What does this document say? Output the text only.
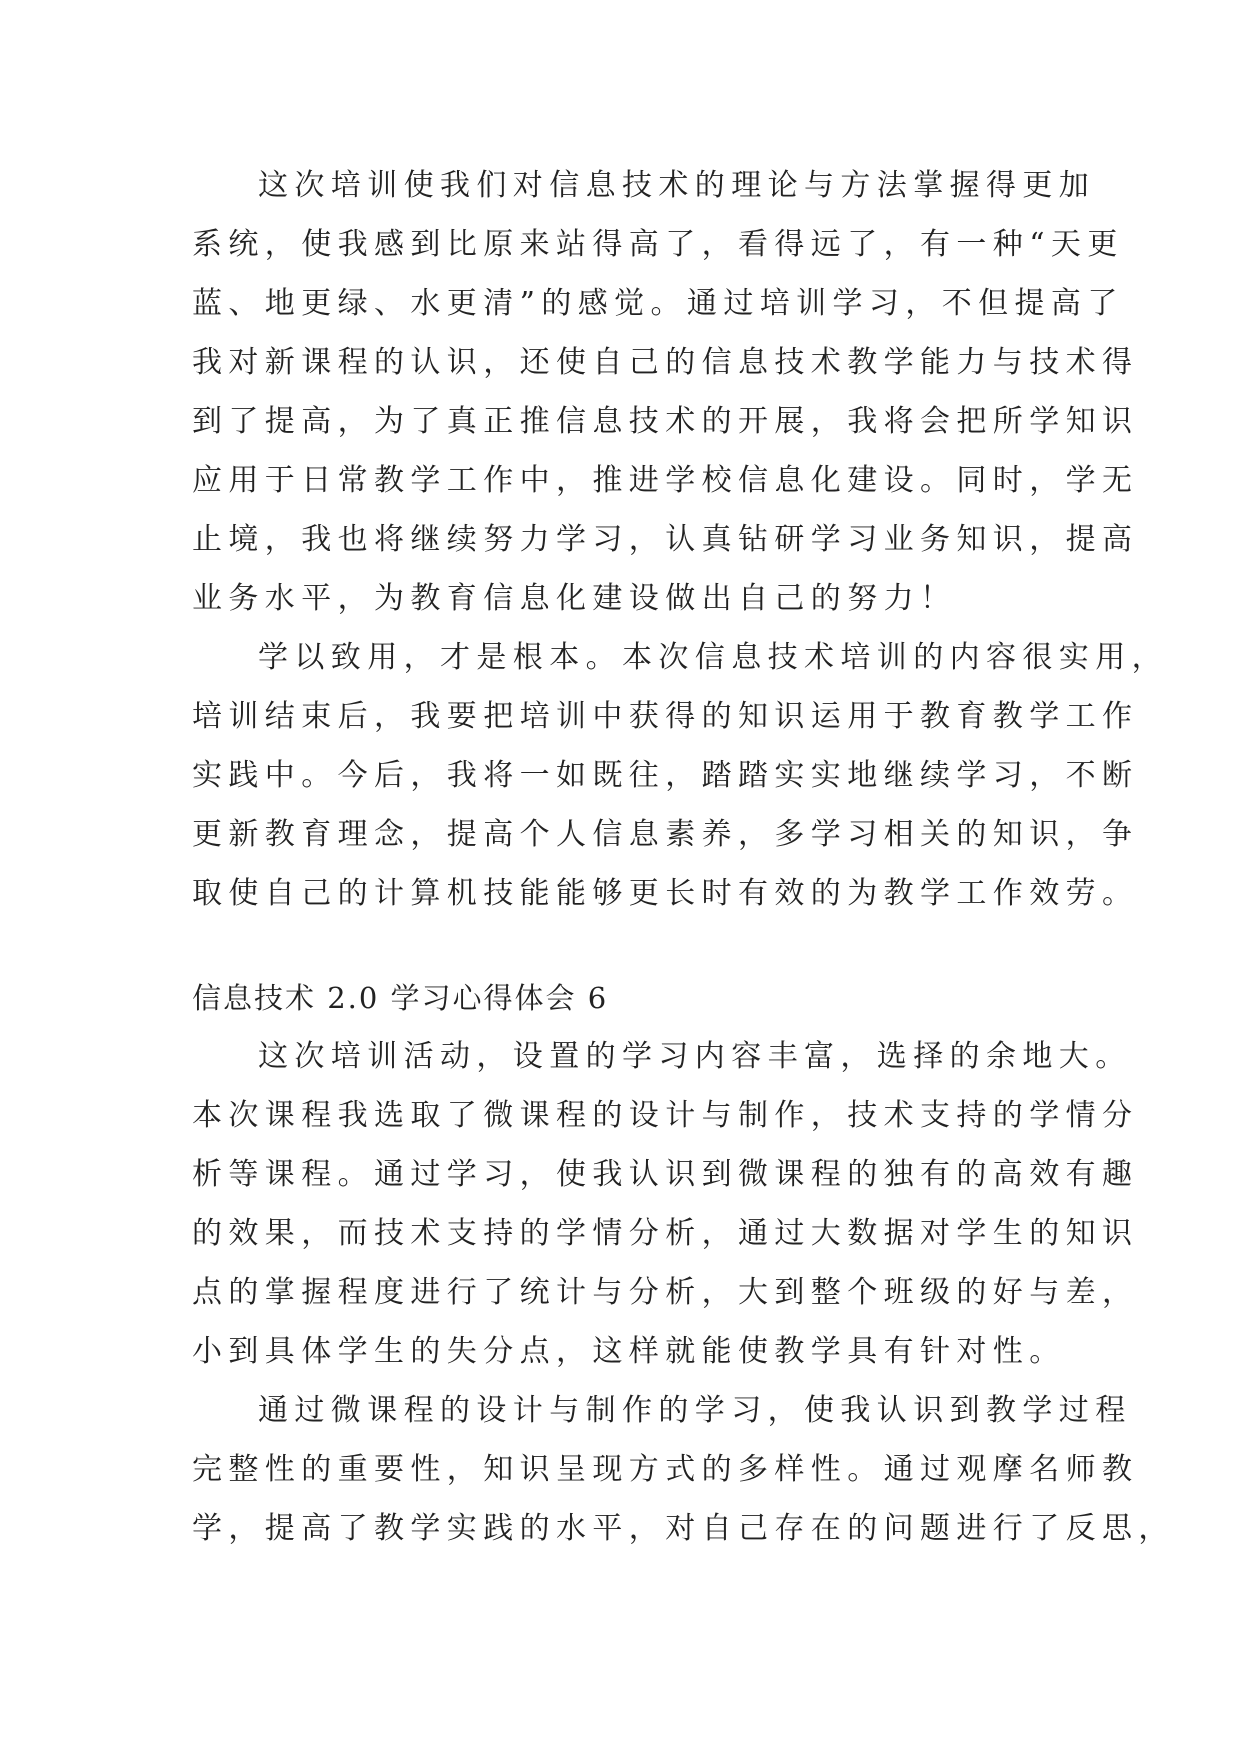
这次培训使我们对信息技术的理论与方法掌握得更加
系统，使我感到比原来站得高了，看得远了，有一种“天更
蓝、地更绿、水更清”的感觉。通过培训学习，不但提高了
我对新课程的认识，还使自己的信息技术教学能力与技术得
到了提高，为了真正推信息技术的开展，我将会把所学知识
应用于日常教学工作中，推进学校信息化建设。同时，学无
止境，我也将继续努力学习，认真钻研学习业务知识，提高
业务水平，为教育信息化建设做出自己的努力！
学以致用，才是根本。本次信息技术培训的内容很实用，
培训结束后，我要把培训中获得的知识运用于教育教学工作
实践中。今后，我将一如既往，踏踏实实地继续学习，不断
更新教育理念，提高个人信息素养，多学习相关的知识，争
取使自己的计算机技能能够更长时有效的为教学工作效劳。
信息技术 2.0 学习心得体会 6
这次培训活动，设置的学习内容丰富，选择的余地大。
本次课程我选取了微课程的设计与制作，技术支持的学情分
析等课程。通过学习，使我认识到微课程的独有的高效有趣
的效果，而技术支持的学情分析，通过大数据对学生的知识
点的掌握程度进行了统计与分析，大到整个班级的好与差，
小到具体学生的失分点，这样就能使教学具有针对性。
通过微课程的设计与制作的学习，使我认识到教学过程
完整性的重要性，知识呈现方式的多样性。通过观摩名师教
学，提高了教学实践的水平，对自己存在的问题进行了反思，
